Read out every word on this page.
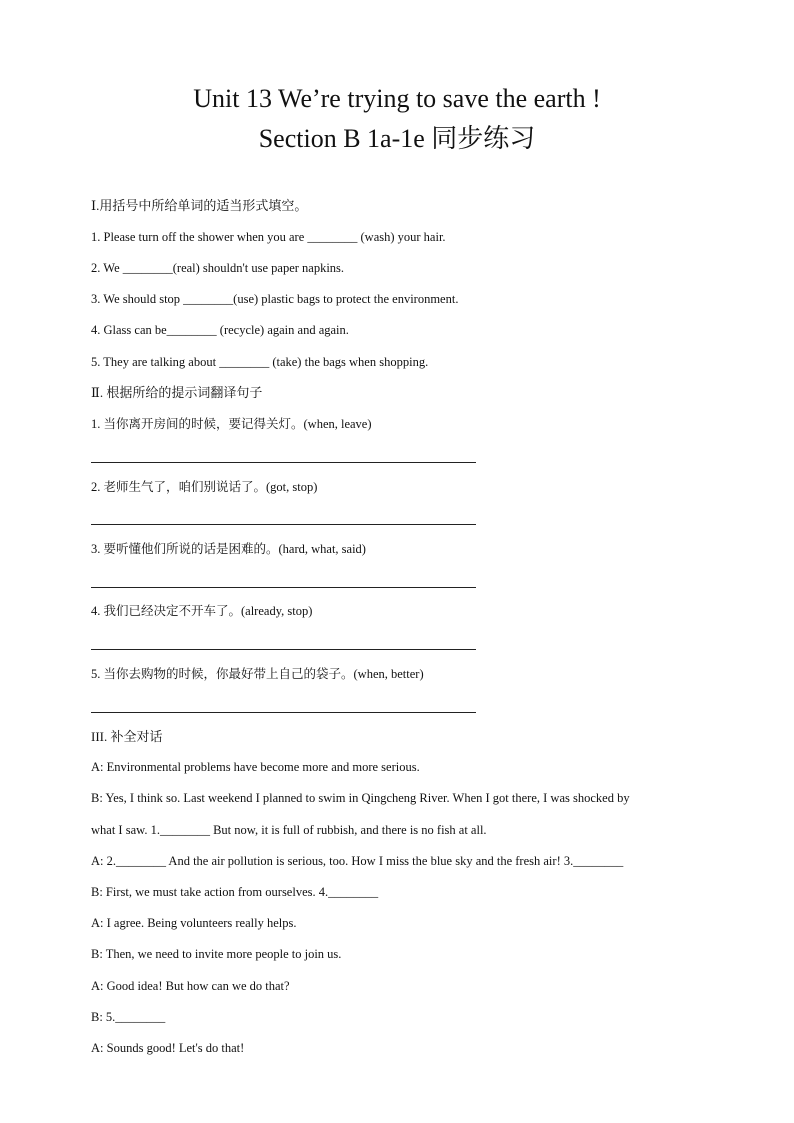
Unit 13 We’re trying to save the earth !
Section B 1a-1e 同步练习
Ⅰ.用括号中所给单词的适当形式填空。
1. Please turn off the shower when you are ________ (wash) your hair.
2. We ________(real) shouldn't use paper napkins.
3. We should stop ________(use) plastic bags to protect the environment.
4. Glass can be________ (recycle) again and again.
5. They are talking about ________ (take) the bags when shopping.
Ⅱ. 根据所给的提示词翻译句子
1. 当你离开房间的时候，要记得关灯。(when, leave)
2. 老师生气了，咱们别说话了。(got, stop)
3. 要听懂他们所说的话是困难的。(hard, what, said)
4. 我们已经决定不开车了。(already, stop)
5. 当你去购物的时候，你最好带上自己的袋子。(when, better)
III. 补全对话
A: Environmental problems have become more and more serious.
B: Yes, I think so. Last weekend I planned to swim in Qingcheng River. When I got there, I was shocked by
what I saw. 1.________ But now, it is full of rubbish, and there is no fish at all.
A: 2.________ And the air pollution is serious, too. How I miss the blue sky and the fresh air! 3.________
B: First, we must take action from ourselves. 4.________
A: I agree. Being volunteers really helps.
B: Then, we need to invite more people to join us.
A: Good idea! But how can we do that?
B: 5.________
A: Sounds good! Let's do that!
